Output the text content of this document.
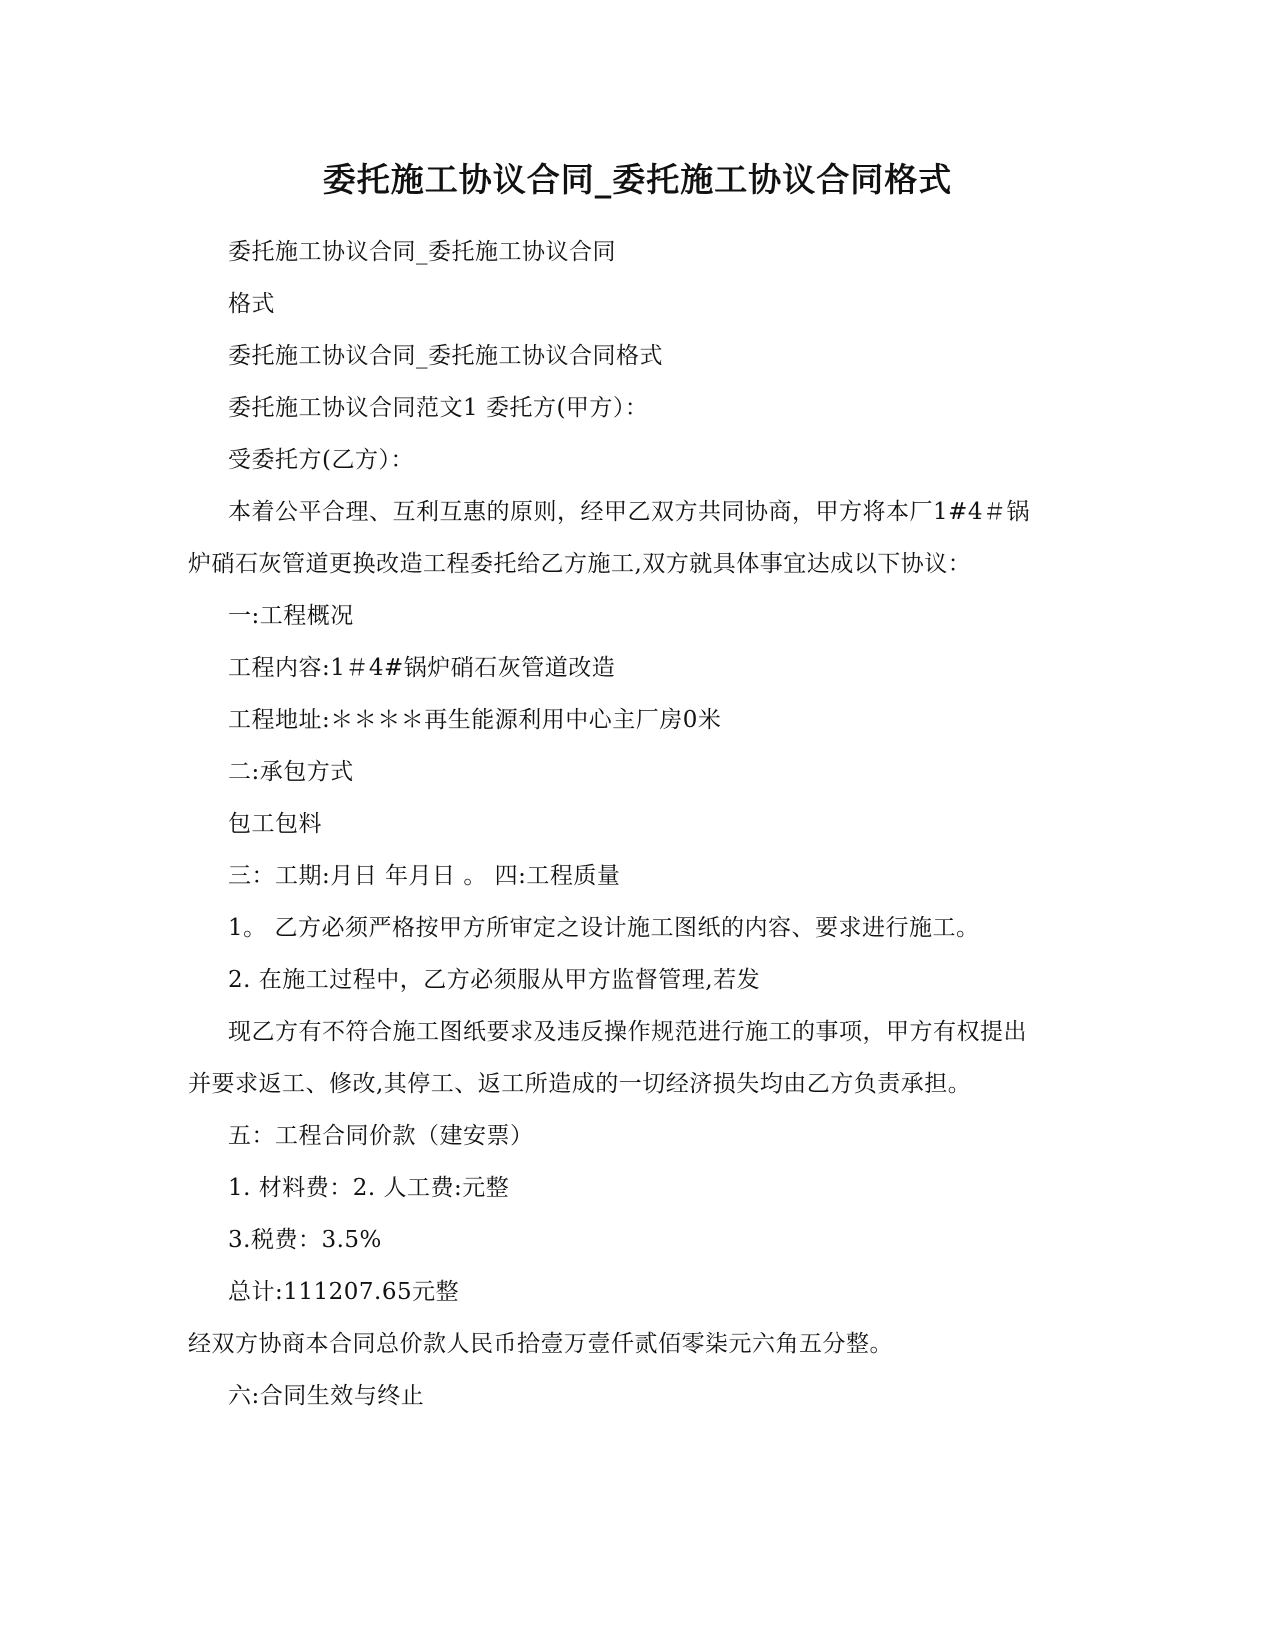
委托施工协议合同_委托施工协议合同格式
委托施工协议合同_委托施工协议合同
格式
委托施工协议合同_委托施工协议合同格式
委托施工协议合同范文1 委托方(甲方）：
受委托方(乙方）：
本着公平合理、互利互惠的原则，经甲乙双方共同协商，甲方将本厂1#4＃锅
炉硝石灰管道更换改造工程委托给乙方施工,双方就具体事宜达成以下协议：
一:工程概况
工程内容:1＃4#锅炉硝石灰管道改造
工程地址:＊＊＊＊再生能源利用中心主厂房0米
二:承包方式
包工包料
三：工期:月日 年月日 。 四:工程质量
1。 乙方必须严格按甲方所审定之设计施工图纸的内容、要求进行施工。
2. 在施工过程中，乙方必须服从甲方监督管理,若发
现乙方有不符合施工图纸要求及违反操作规范进行施工的事项，甲方有权提出
并要求返工、修改,其停工、返工所造成的一切经济损失均由乙方负责承担。
五：工程合同价款（建安票）
1. 材料费：2. 人工费:元整
3.税费：3.5%
总计:111207.65元整
经双方协商本合同总价款人民币拾壹万壹仟贰佰零柒元六角五分整。
六:合同生效与终止
